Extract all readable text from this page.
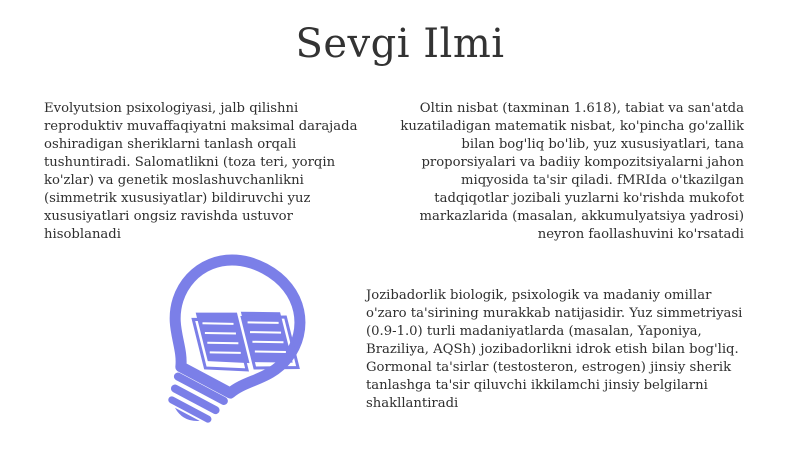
Sevgi Ilmi
Evolyutsion psixologiyasi, jalb qilishni reproduktiv muvaffaqiyatni maksimal darajada oshiradigan sheriklarni tanlash orqali tushuntiradi. Salomatlikni (toza teri, yorqin ko'zlar) va genetik moslashuvchanlikni (simmetrik xususiyatlar) bildiruvchi yuz xususiyatlari ongsiz ravishda ustuvor hisoblanadi
Oltin nisbat (taxminan 1.618), tabiat va san'atda kuzatiladigan matematik nisbat, ko'pincha go'zallik bilan bog'liq bo'lib, yuz xususiyatlari, tana proporsiyalari va badiiy kompozitsiyalarni jahon miqyosida ta'sir qiladi. fMRIda o'tkazilgan tadqiqotlar jozibali yuzlarni ko'rishda mukofot markazlarida (masalan, akkumulyatsiya yadrosi) neyron faollashuvini ko'rsatadi
Jozibadorlik biologik, psixologik va madaniy omillar o'zaro ta'sirining murakkab natijasidir. Yuz simmetriyasi (0.9-1.0) turli madaniyatlarda (masalan, Yaponiya, Braziliya, AQSh) jozibadorlikni idrok etish bilan bog'liq. Gormonal ta'sirlar (testosteron, estrogen) jinsiy sherik tanlashga ta'sir qiluvchi ikkilamchi jinsiy belgilarni shakllantiradi
